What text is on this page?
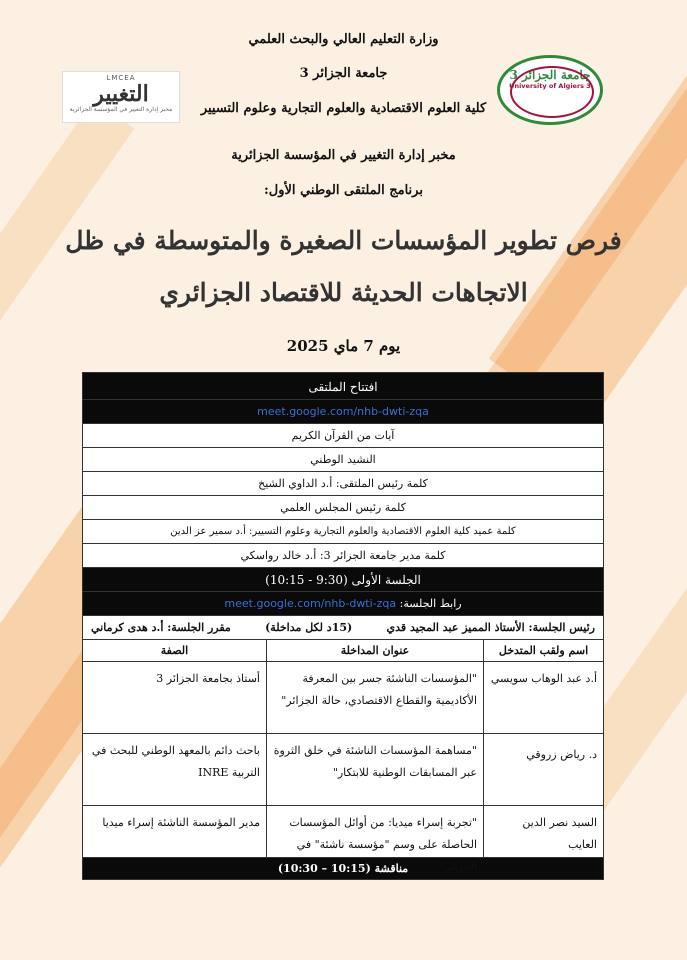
وزارة التعليم العالي والبحث العلمي
جامعة الجزائر 3
كلية العلوم الاقتصادية والعلوم التجارية وعلوم التسيير
مخبر إدارة التغيير في المؤسسة الجزائرية
برنامج الملتقى الوطني الأول:
LMCEA
التغيير
مخبر إدارة التغيير في المؤسسة الجزائرية
جامعة الجزائر 3
University of Algiers 3
فرص تطوير المؤسسات الصغيرة والمتوسطة في ظل
الاتجاهات الحديثة للاقتصاد الجزائري
يوم 7 ماي 2025
افتتاح الملتقى
meet.google.com/nhb-dwti-zqa
آيات من القرآن الكريم
النشيد الوطني
كلمة رئيس الملتقى: أ.د الداوي الشيخ
كلمة رئيس المجلس العلمي
كلمة عميد كلية العلوم الاقتصادية والعلوم التجارية وعلوم التسيير: أ.د سمير عز الدين
كلمة مدير جامعة الجزائر 3: أ.د خالد رواسكي
الجلسة الأولى (9:30 - 10:15)
رابط الجلسة: meet.google.com/nhb-dwti-zqa
رئيس الجلسة: الأستاذ المميز عبد المجيد قدي
(15د لكل مداخلة)
مقرر الجلسة: أ.د هدى كرماني
اسم ولقب المتدخل
عنوان المداخلة
الصفة
أ.د عبد الوهاب سويسي
"المؤسسات الناشئة جسر بين المعرفة الأكاديمية والقطاع الاقتصادي، حالة الجزائر"
أستاذ بجامعة الجزائر 3
د. رياض زروقي
"مساهمة المؤسسات الناشئة في خلق الثروة عبر المسابقات الوطنية للابتكار"
باحث دائم بالمعهد الوطني للبحث في التربية INRE
السيد نصر الدين العايب
"تجربة إسراء ميديا: من أوائل المؤسسات الحاصلة على وسم "مؤسسة ناشئة" في الجزائر"
مدير المؤسسة الناشئة إسراء ميديا
مناقشة (10:15 – 10:30)
